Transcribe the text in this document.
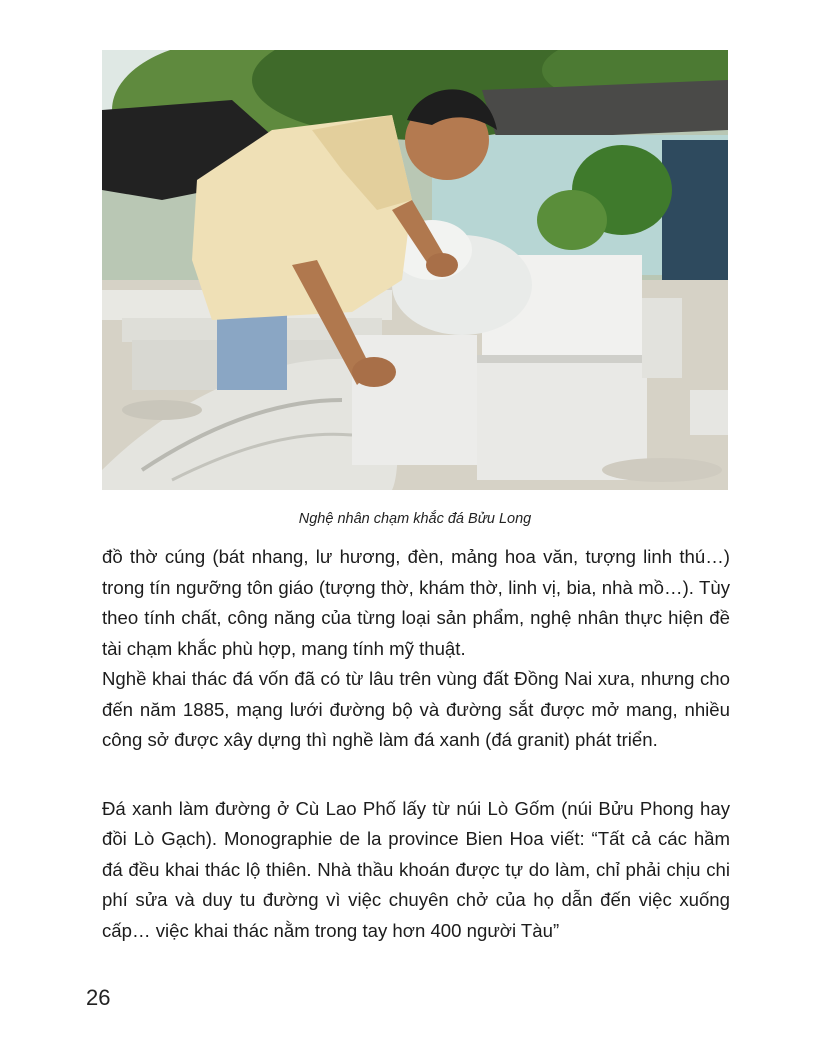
Nghệ nhân chạm khắc đá Bửu Long

đồ thờ cúng (bát nhang, lư hương, đèn, mảng hoa văn, tượng linh thú…) trong tín ngưỡng tôn giáo (tượng thờ, khám thờ, linh vị, bia, nhà mồ…). Tùy theo tính chất, công năng của từng loại sản phẩm, nghệ nhân thực hiện đề tài chạm khắc phù hợp, mang tính mỹ thuật.

Nghề khai thác đá vốn đã có từ lâu trên vùng đất Đồng Nai xưa, nhưng cho đến năm 1885, mạng lưới đường bộ và đường sắt được mở mang, nhiều công sở được xây dựng thì nghề làm đá xanh (đá granit) phát triển.

Đá xanh làm đường ở Cù Lao Phố lấy từ núi Lò Gốm (núi Bửu Phong hay đồi Lò Gạch). Monographie de la province Bien Hoa viết: “Tất cả các hầm đá đều khai thác lộ thiên. Nhà thầu khoán được tự do làm, chỉ phải chịu chi phí sửa và duy tu đường vì việc chuyên chở của họ dẫn đến việc xuống cấp… việc khai thác nằm trong tay hơn 400 người Tàu”

26
